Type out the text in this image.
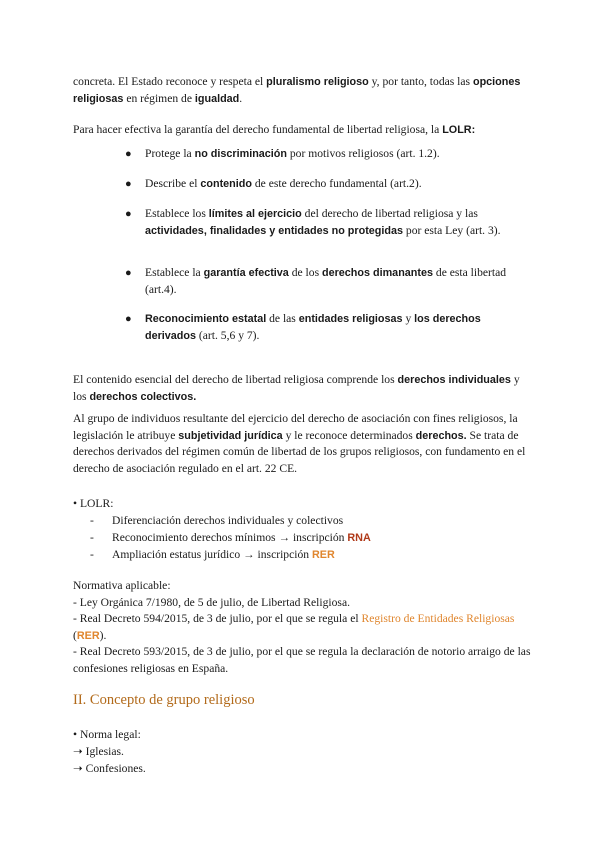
concreta. El Estado reconoce y respeta el pluralismo religioso y, por tanto, todas las opciones religiosas en régimen de igualdad.

Para hacer efectiva la garantía del derecho fundamental de libertad religiosa, la LOLR:

● Protege la no discriminación por motivos religiosos (art. 1.2).
● Describe el contenido de este derecho fundamental (art.2).
● Establece los límites al ejercicio del derecho de libertad religiosa y las actividades, finalidades y entidades no protegidas por esta Ley (art. 3).
● Establece la garantía efectiva de los derechos dimanantes de esta libertad (art.4).
● Reconocimiento estatal de las entidades religiosas y los derechos derivados (art. 5,6 y 7).

El contenido esencial del derecho de libertad religiosa comprende los derechos individuales y los derechos colectivos.

Al grupo de individuos resultante del ejercicio del derecho de asociación con fines religiosos, la legislación le atribuye subjetividad jurídica y le reconoce determinados derechos. Se trata de derechos derivados del régimen común de libertad de los grupos religiosos, con fundamento en el derecho de asociación regulado en el art. 22 CE.

• LOLR:

- Diferenciación derechos individuales y colectivos
- Reconocimiento derechos mínimos → inscripción RNA
- Ampliación estatus jurídico → inscripción RER

Normativa aplicable:

- Ley Orgánica 7/1980, de 5 de julio, de Libertad Religiosa.

- Real Decreto 594/2015, de 3 de julio, por el que se regula el Registro de Entidades Religiosas (RER).

- Real Decreto 593/2015, de 3 de julio, por el que se regula la declaración de notorio arraigo de las confesiones religiosas en España.

II. Concepto de grupo religioso

• Norma legal:

➝ Iglesias.
➝ Confesiones.
